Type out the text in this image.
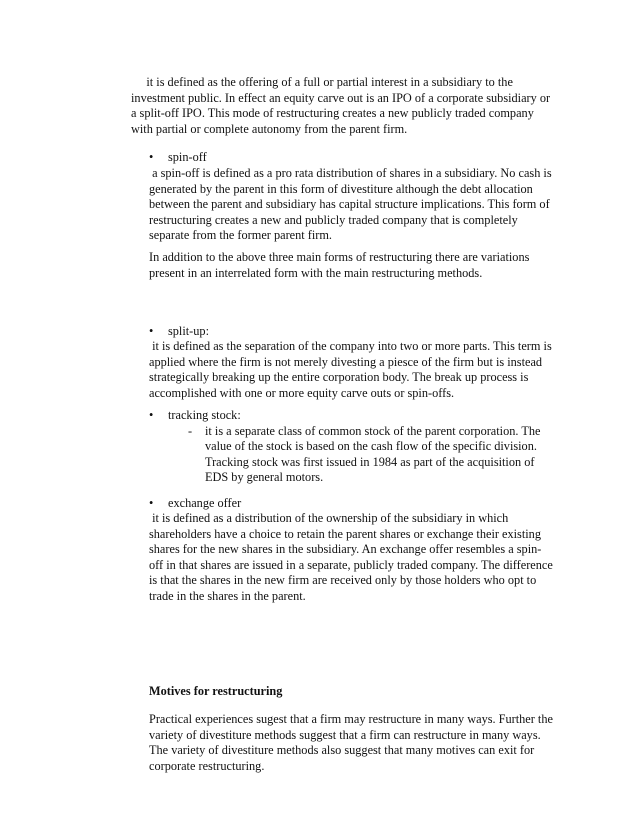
it is defined as the offering of a full or partial interest in a subsidiary to the
investment public. In effect an equity carve out is an IPO of a corporate subsidiary or
a split-off IPO. This mode of restructuring creates a new publicly traded company
with partial or complete autonomy from the parent firm.
• spin-off
a spin-off is defined as a pro rata distribution of shares in a subsidiary. No cash is
generated by the parent in this form of divestiture although the debt allocation
between the parent and subsidiary has capital structure implications. This form of
restructuring creates a new and publicly traded company that is completely
separate from the former parent firm.
In addition to the above three main forms of restructuring there are variations
present in an interrelated form with the main restructuring methods.
• split-up:
it is defined as the separation of the company into two or more parts. This term is
applied where the firm is not merely divesting a piesce of the firm but is instead
strategically breaking up the entire corporation body. The break up process is
accomplished with one or more equity carve outs or spin-offs.
• tracking stock:
- it is a separate class of common stock of the parent corporation. The
value of the stock is based on the cash flow of the specific division.
Tracking stock was first issued in 1984 as part of the acquisition of
EDS by general motors.
• exchange offer
it is defined as a distribution of the ownership of the subsidiary in which
shareholders have a choice to retain the parent shares or exchange their existing
shares for the new shares in the subsidiary. An exchange offer resembles a spin-
off in that shares are issued in a separate, publicly traded company. The difference
is that the shares in the new firm are received only by those holders who opt to
trade in the shares in the parent.
Motives for restructuring
Practical experiences sugest that a firm may restructure in many ways. Further the
variety of divestiture methods suggest that a firm can restructure in many ways.
The variety of divestiture methods also suggest that many motives can exit for
corporate restructuring.
